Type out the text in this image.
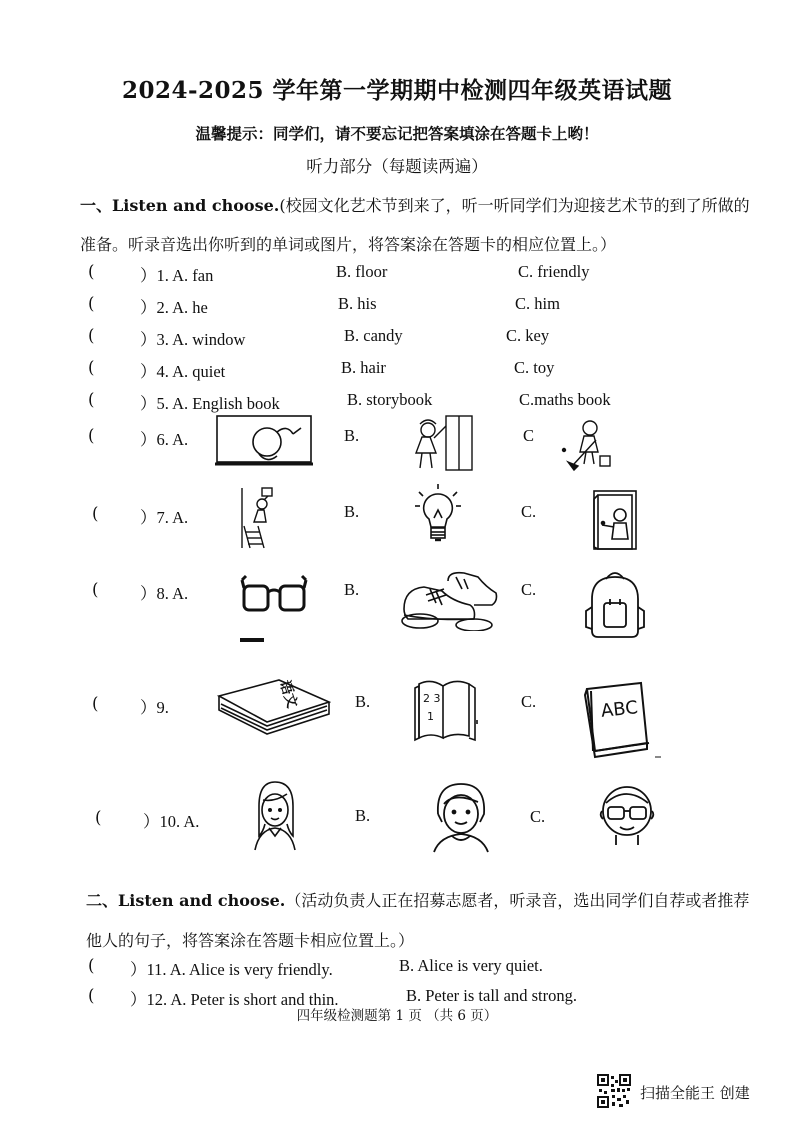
2024-2025 学年第一学期期中检测四年级英语试题
温馨提示：同学们，请不要忘记把答案填涂在答题卡上哟！
听力部分（每题读两遍）
一、Listen and choose.(校园文化艺术节到来了，听一听同学们为迎接艺术节的到了所做的
准备。听录音选出你听到的单词或图片，将答案涂在答题卡的相应位置上。）
(	）1. A. fan	B. floor	C. friendly
(	）2. A. he	B. his	C. him
(	）3. A. window	B. candy	C. key
(	）4. A. quiet	B. hair	C. toy
(	）5. A. English book	B. storybook	C.maths book
(	）6. A.	B.	C
(	）7. A.	B.	C.
(	）8. A.	B.	C.
(	）9.	B.	C.
语文	2 3
1	ABC
(	）10. A.	B.	C.
二、Listen and choose.（活动负责人正在招募志愿者，听录音，选出同学们自荐或者推荐
他人的句子，将答案涂在答题卡相应位置上。）
( ）11. A. Alice is very friendly.	B. Alice is very quiet.
( ）12. A. Peter is short and thin.	B. Peter is tall and strong.
四年级检测题第 1 页 （共 6 页）
扫描全能王 创建
